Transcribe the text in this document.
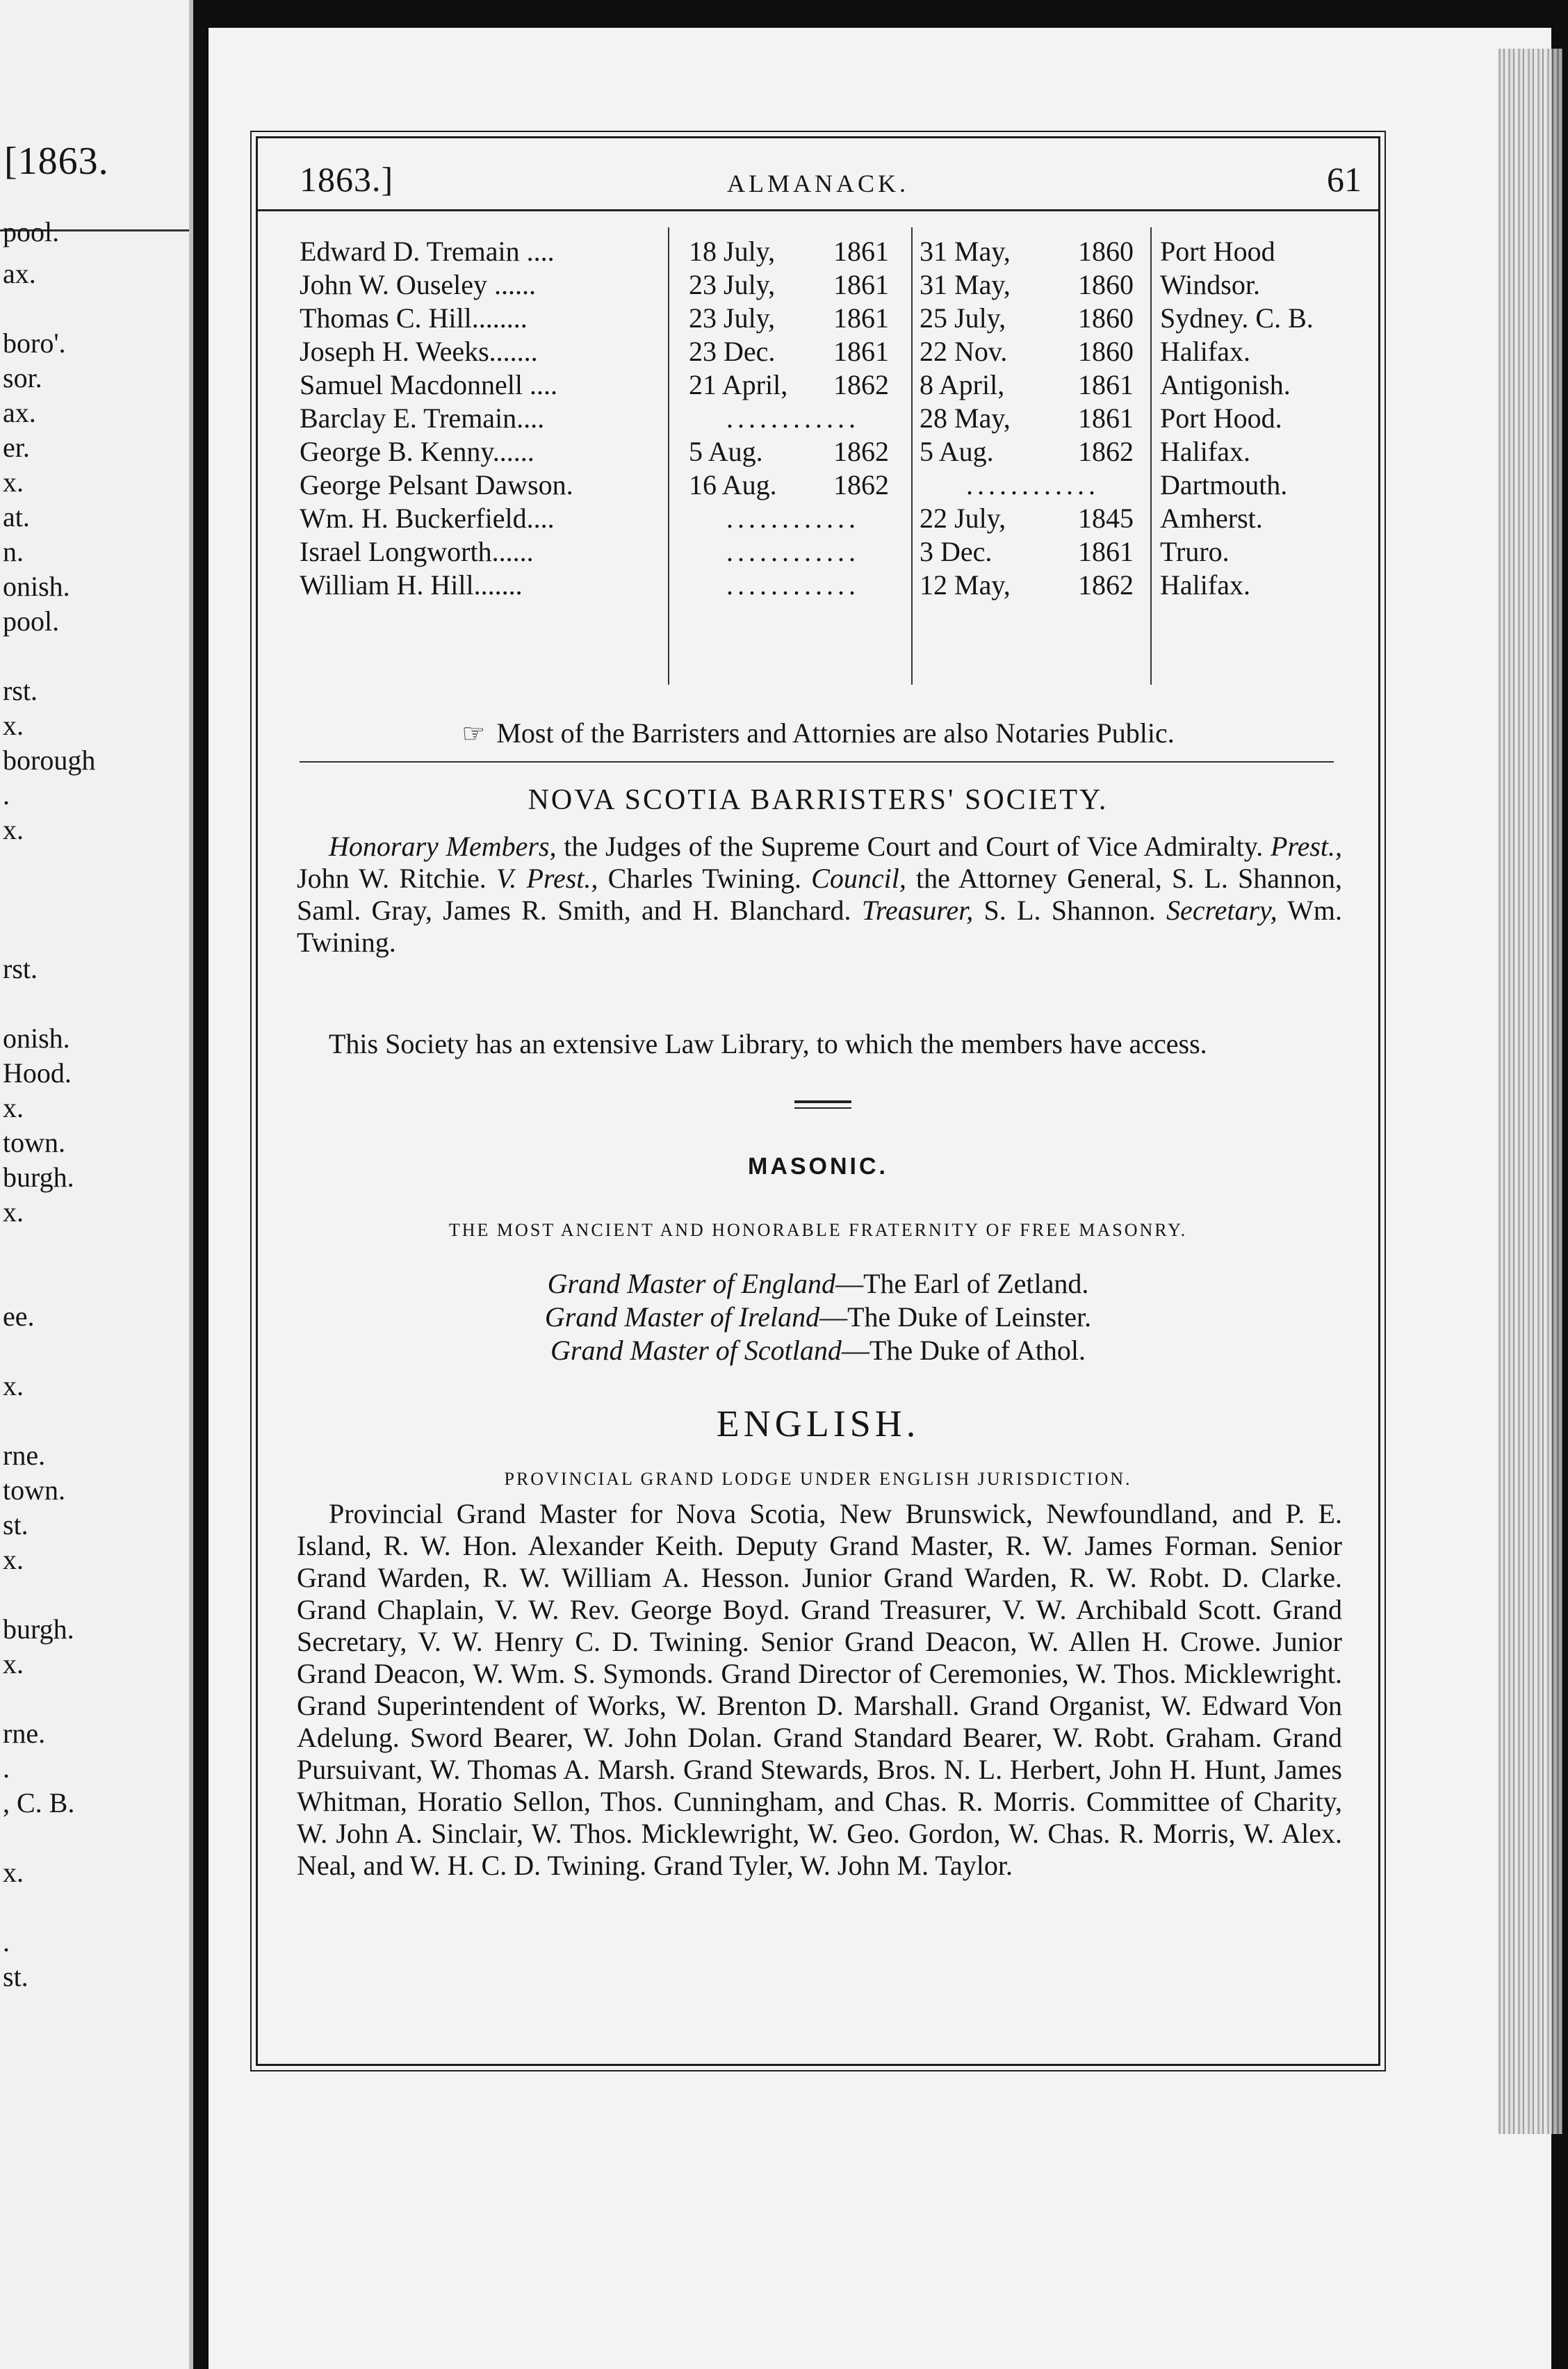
[1863.
pool.
ax.
boro'.
sor.
ax.
er.
x.
at.
n.
onish.
pool.
rst.
x.
borough
.
x.
rst.
onish.
Hood.
x.
town.
burgh.
x.
ee.
x.
rne.
town.
st.
x.
burgh.
x.
rne.
.
, C. B.
x.
.
st.
1863.]	ALMANACK.	61
Edward D. Tremain ....	18 July,	1861 31 May,	1860 Port Hood
John W. Ouseley ......	23 July,	1861 31 May,	1860 Windsor.
Thomas C. Hill........	23 July,	1861 25 July,	1860 Sydney. C. B.
Joseph H. Weeks.......	23 Dec.	1861 22 Nov.	1860 Halifax.
Samuel Macdonnell ....	21 April,	1862 8 April,	1861 Antigonish.
Barclay E. Tremain....	............	28 May,	1861 Port Hood.
George B. Kenny......	5 Aug.	1862 5 Aug.	1862 Halifax.
George Pelsant Dawson.	16 Aug.	1862	............	Dartmouth.
Wm. H. Buckerfield....	............	22 July,	1845 Amherst.
Israel Longworth......	............	3 Dec.	1861 Truro.
William H. Hill.......	............	12 May,	1862 Halifax.
☞ Most of the Barristers and Attornies are also Notaries Public.
NOVA SCOTIA BARRISTERS' SOCIETY.
Honorary Members, the Judges of the Supreme Court and Court of Vice Admiralty. Prest., John W. Ritchie. V. Prest., Charles Twining. Council, the Attorney General, S. L. Shannon, Saml. Gray, James R. Smith, and H. Blanchard. Treasurer, S. L. Shannon. Secretary, Wm. Twining.
This Society has an extensive Law Library, to which the members have access.
MASONIC.
THE MOST ANCIENT AND HONORABLE FRATERNITY OF FREE MASONRY.
Grand Master of England—The Earl of Zetland.
Grand Master of Ireland—The Duke of Leinster.
Grand Master of Scotland—The Duke of Athol.
ENGLISH.
PROVINCIAL GRAND LODGE UNDER ENGLISH JURISDICTION.
Provincial Grand Master for Nova Scotia, New Brunswick, Newfoundland, and P. E. Island, R. W. Hon. Alexander Keith. Deputy Grand Master, R. W. James Forman. Senior Grand Warden, R. W. William A. Hesson. Junior Grand Warden, R. W. Robt. D. Clarke. Grand Chaplain, V. W. Rev. George Boyd. Grand Treasurer, V. W. Archibald Scott. Grand Secretary, V. W. Henry C. D. Twining. Senior Grand Deacon, W. Allen H. Crowe. Junior Grand Deacon, W. Wm. S. Symonds. Grand Director of Ceremonies, W. Thos. Micklewright. Grand Superintendent of Works, W. Brenton D. Marshall. Grand Organist, W. Edward Von Adelung. Sword Bearer, W. John Dolan. Grand Standard Bearer, W. Robt. Graham. Grand Pursuivant, W. Thomas A. Marsh. Grand Stewards, Bros. N. L. Herbert, John H. Hunt, James Whitman, Horatio Sellon, Thos. Cunningham, and Chas. R. Morris. Committee of Charity, W. John A. Sinclair, W. Thos. Micklewright, W. Geo. Gordon, W. Chas. R. Morris, W. Alex. Neal, and W. H. C. D. Twining. Grand Tyler, W. John M. Taylor.
